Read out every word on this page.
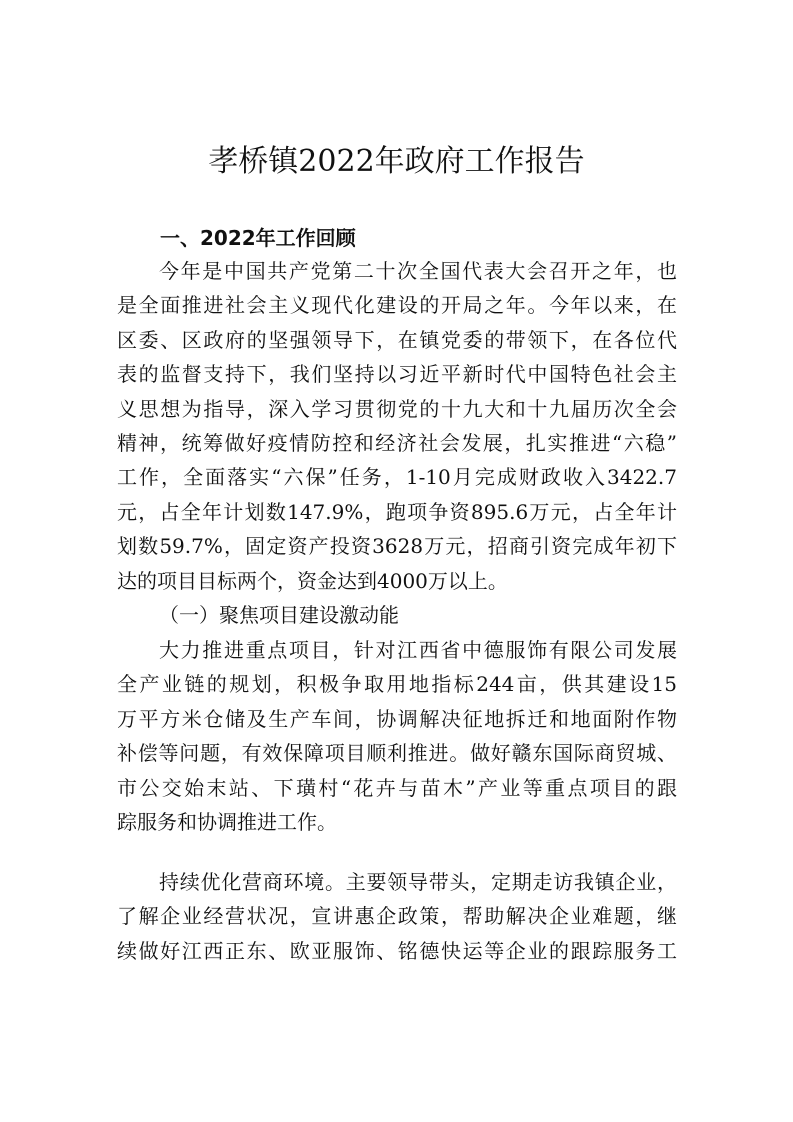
孝桥镇2022年政府工作报告
一、2022年工作回顾
今年是中国共产党第二十次全国代表大会召开之年，也
是全面推进社会主义现代化建设的开局之年。今年以来，在
区委、区政府的坚强领导下，在镇党委的带领下，在各位代
表的监督支持下，我们坚持以习近平新时代中国特色社会主
义思想为指导，深入学习贯彻党的十九大和十九届历次全会
精神，统筹做好疫情防控和经济社会发展，扎实推进“六稳”
工作，全面落实“六保”任务，1-10月完成财政收入3422.7
元，占全年计划数147.9%，跑项争资895.6万元，占全年计
划数59.7%，固定资产投资3628万元，招商引资完成年初下
达的项目目标两个，资金达到4000万以上。
（一）聚焦项目建设激动能
大力推进重点项目，针对江西省中德服饰有限公司发展
全产业链的规划，积极争取用地指标244亩，供其建设15
万平方米仓储及生产车间，协调解决征地拆迁和地面附作物
补偿等问题，有效保障项目顺利推进。做好赣东国际商贸城、
市公交始末站、下璜村“花卉与苗木”产业等重点项目的跟
踪服务和协调推进工作。
持续优化营商环境。主要领导带头，定期走访我镇企业，
了解企业经营状况，宣讲惠企政策，帮助解决企业难题，继
续做好江西正东、欧亚服饰、铭德快运等企业的跟踪服务工
